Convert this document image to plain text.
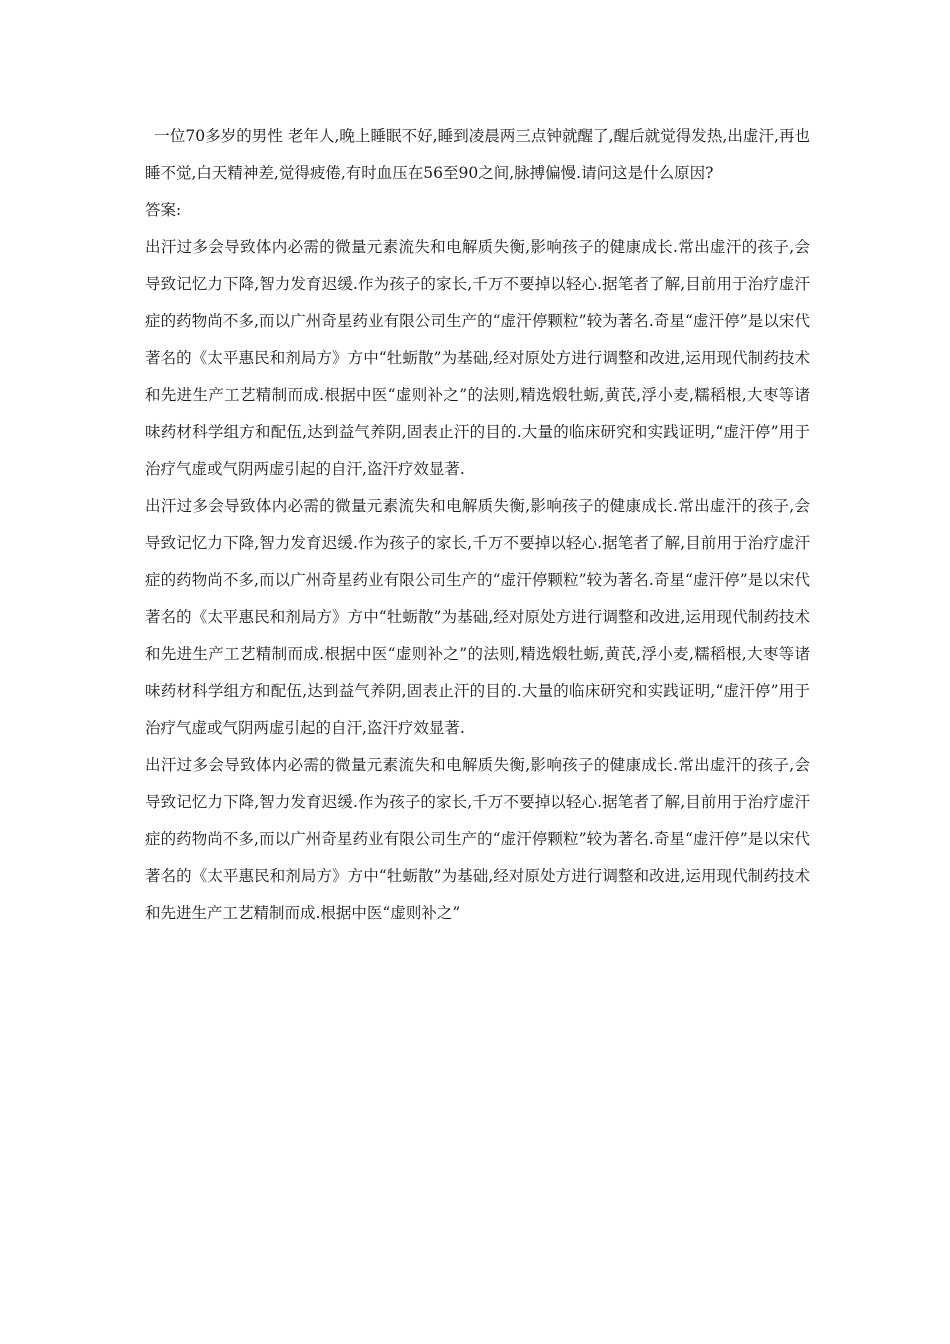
一位70多岁的男性 老年人,晚上睡眠不好,睡到凌晨两三点钟就醒了,醒后就觉得发热,出虚汗,再也睡不觉,白天精神差,觉得疲倦,有时血压在56至90之间,脉搏偏慢.请问这是什么原因?

答案:

出汗过多会导致体内必需的微量元素流失和电解质失衡,影响孩子的健康成长.常出虚汗的孩子,会导致记忆力下降,智力发育迟缓.作为孩子的家长,千万不要掉以轻心.据笔者了解,目前用于治疗虚汗症的药物尚不多,而以广州奇星药业有限公司生产的“虚汗停颗粒”较为著名.奇星“虚汗停”是以宋代著名的《太平惠民和剂局方》方中“牡蛎散”为基础,经对原处方进行调整和改进,运用现代制药技术和先进生产工艺精制而成.根据中医“虚则补之”的法则,精选煅牡蛎,黄芪,浮小麦,糯稻根,大枣等诸味药材科学组方和配伍,达到益气养阴,固表止汗的目的.大量的临床研究和实践证明,“虚汗停”用于治疗气虚或气阴两虚引起的自汗,盗汗疗效显著.

出汗过多会导致体内必需的微量元素流失和电解质失衡,影响孩子的健康成长.常出虚汗的孩子,会导致记忆力下降,智力发育迟缓.作为孩子的家长,千万不要掉以轻心.据笔者了解,目前用于治疗虚汗症的药物尚不多,而以广州奇星药业有限公司生产的“虚汗停颗粒”较为著名.奇星“虚汗停”是以宋代著名的《太平惠民和剂局方》方中“牡蛎散”为基础,经对原处方进行调整和改进,运用现代制药技术和先进生产工艺精制而成.根据中医“虚则补之”的法则,精选煅牡蛎,黄芪,浮小麦,糯稻根,大枣等诸味药材科学组方和配伍,达到益气养阴,固表止汗的目的.大量的临床研究和实践证明,“虚汗停”用于治疗气虚或气阴两虚引起的自汗,盗汗疗效显著.

出汗过多会导致体内必需的微量元素流失和电解质失衡,影响孩子的健康成长.常出虚汗的孩子,会导致记忆力下降,智力发育迟缓.作为孩子的家长,千万不要掉以轻心.据笔者了解,目前用于治疗虚汗症的药物尚不多,而以广州奇星药业有限公司生产的“虚汗停颗粒”较为著名.奇星“虚汗停”是以宋代著名的《太平惠民和剂局方》方中“牡蛎散”为基础,经对原处方进行调整和改进,运用现代制药技术和先进生产工艺精制而成.根据中医“虚则补之”
